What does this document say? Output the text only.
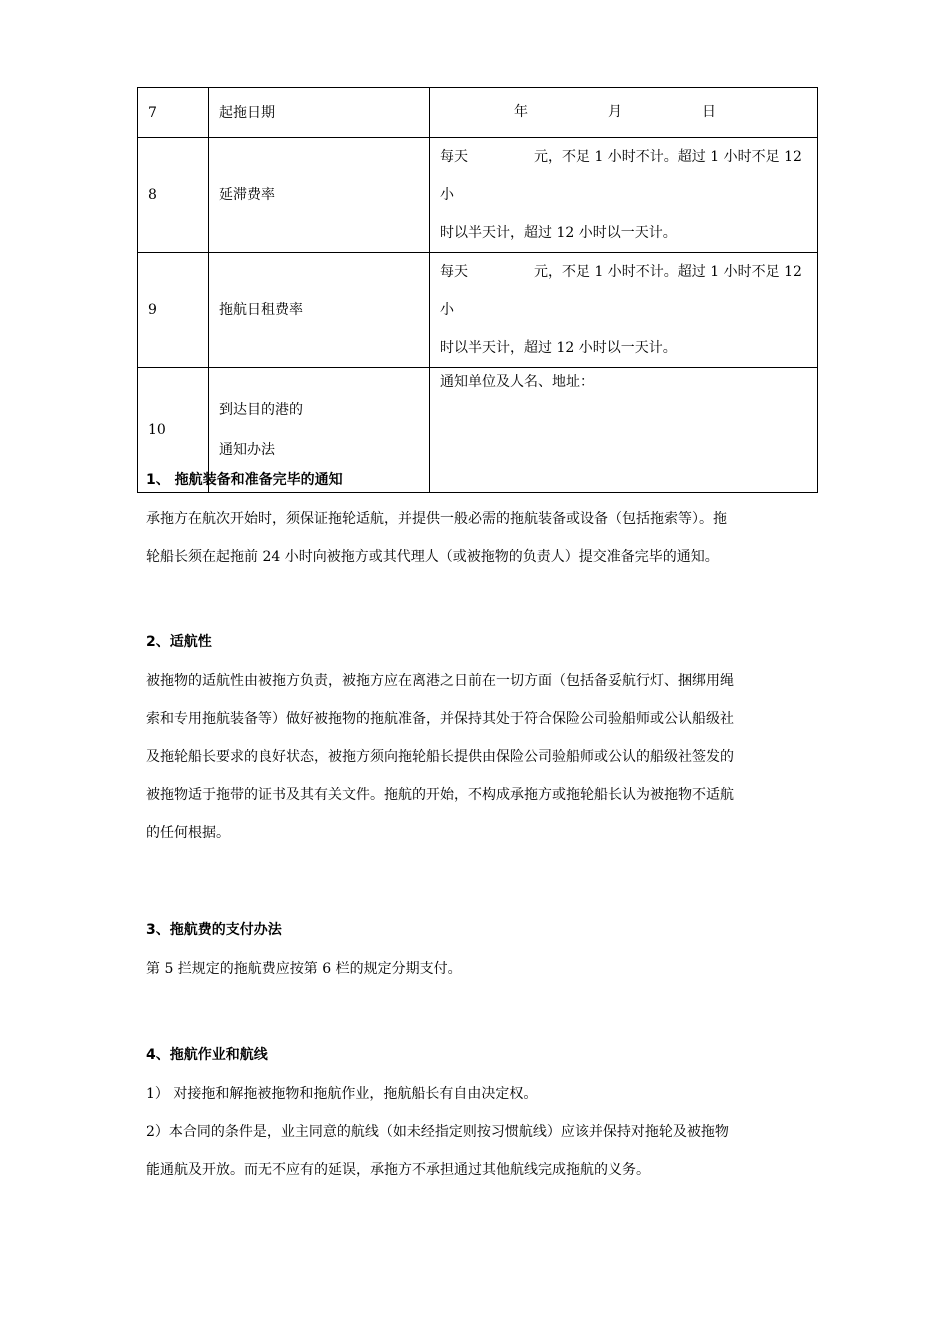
7	起拖日期	年 月 日

8	延滞费率	每天 元，不足 1 小时不计。超过 1 小时不足 12 小
时以半天计，超过 12 小时以一天计。

9	拖航日租费率	每天 元，不足 1 小时不计。超过 1 小时不足 12 小
时以半天计，超过 12 小时以一天计。

10	到达目的港的
通知办法	通知单位及人名、地址：
1、 拖航装备和准备完毕的通知

承拖方在航次开始时，须保证拖轮适航，并提供一般必需的拖航装备或设备（包括拖索等）。拖

轮船长须在起拖前 24 小时向被拖方或其代理人（或被拖物的负责人）提交准备完毕的通知。

2、适航性

被拖物的适航性由被拖方负责，被拖方应在离港之日前在一切方面（包括备妥航行灯、捆绑用绳

索和专用拖航装备等）做好被拖物的拖航准备，并保持其处于符合保险公司验船师或公认船级社

及拖轮船长要求的良好状态，被拖方须向拖轮船长提供由保险公司验船师或公认的船级社签发的

被拖物适于拖带的证书及其有关文件。拖航的开始，不构成承拖方或拖轮船长认为被拖物不适航

的任何根据。

3、拖航费的支付办法

第 5 拦规定的拖航费应按第 6 栏的规定分期支付。

4、拖航作业和航线

1） 对接拖和解拖被拖物和拖航作业，拖航船长有自由决定权。

2）本合同的条件是，业主同意的航线（如未经指定则按习惯航线）应该并保持对拖轮及被拖物

能通航及开放。而无不应有的延误，承拖方不承担通过其他航线完成拖航的义务。
